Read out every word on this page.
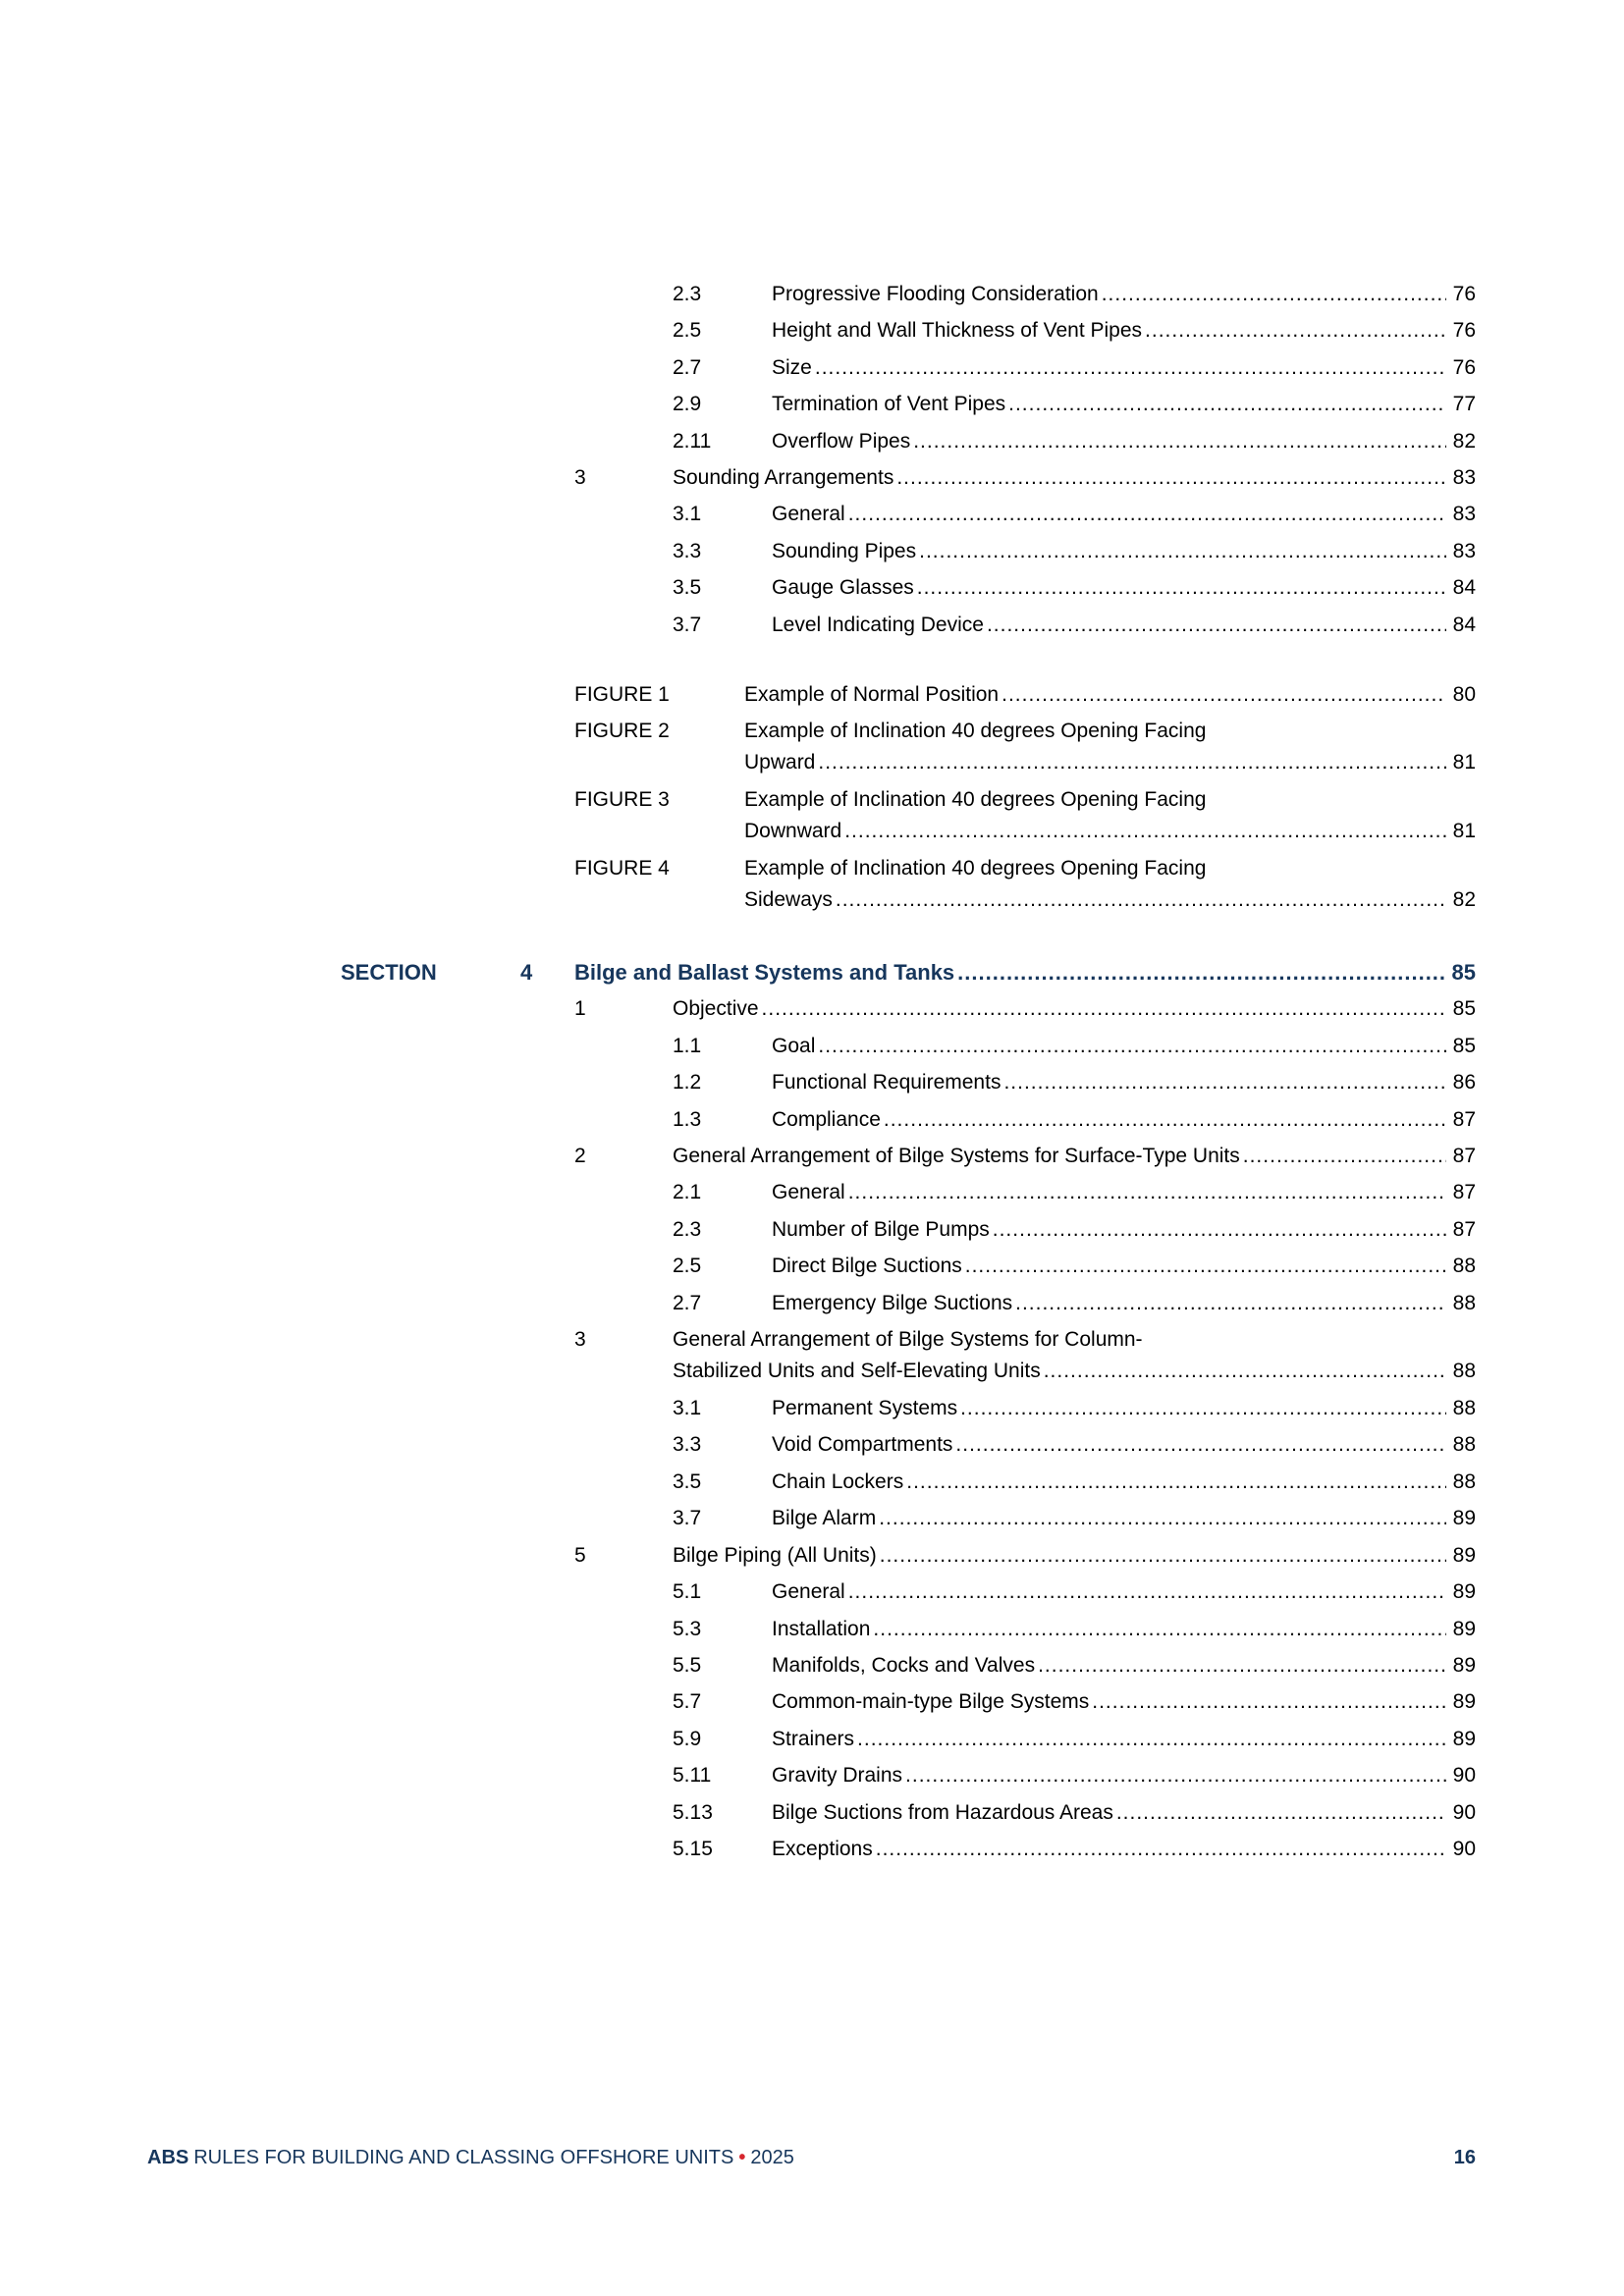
2.3	Progressive Flooding Consideration .....	76
2.5	Height and Wall Thickness of Vent Pipes .....	76
2.7	Size .....	76
2.9	Termination of Vent Pipes .....	77
2.11	Overflow Pipes .....	82
3	Sounding Arrangements .....	83
3.1	General .....	83
3.3	Sounding Pipes .....	83
3.5	Gauge Glasses .....	84
3.7	Level Indicating Device .....	84
FIGURE 1	Example of Normal Position .....	80
FIGURE 2	Example of Inclination 40 degrees Opening Facing
Upward .....	81
FIGURE 3	Example of Inclination 40 degrees Opening Facing
Downward .....	81
FIGURE 4	Example of Inclination 40 degrees Opening Facing
Sideways .....	82
SECTION	4	Bilge and Ballast Systems and Tanks .....	85
1	Objective .....	85
1.1	Goal .....	85
1.2	Functional Requirements .....	86
1.3	Compliance .....	87
2	General Arrangement of Bilge Systems for Surface-Type Units .....	87
2.1	General .....	87
2.3	Number of Bilge Pumps .....	87
2.5	Direct Bilge Suctions .....	88
2.7	Emergency Bilge Suctions .....	88
3	General Arrangement of Bilge Systems for Column-
Stabilized Units and Self-Elevating Units .....	88
3.1	Permanent Systems .....	88
3.3	Void Compartments .....	88
3.5	Chain Lockers .....	88
3.7	Bilge Alarm .....	89
5	Bilge Piping (All Units) .....	89
5.1	General .....	89
5.3	Installation .....	89
5.5	Manifolds, Cocks and Valves .....	89
5.7	Common-main-type Bilge Systems .....	89
5.9	Strainers .....	89
5.11	Gravity Drains .....	90
5.13	Bilge Suctions from Hazardous Areas .....	90
5.15	Exceptions .....	90
ABS RULES FOR BUILDING AND CLASSING OFFSHORE UNITS • 2025	16
